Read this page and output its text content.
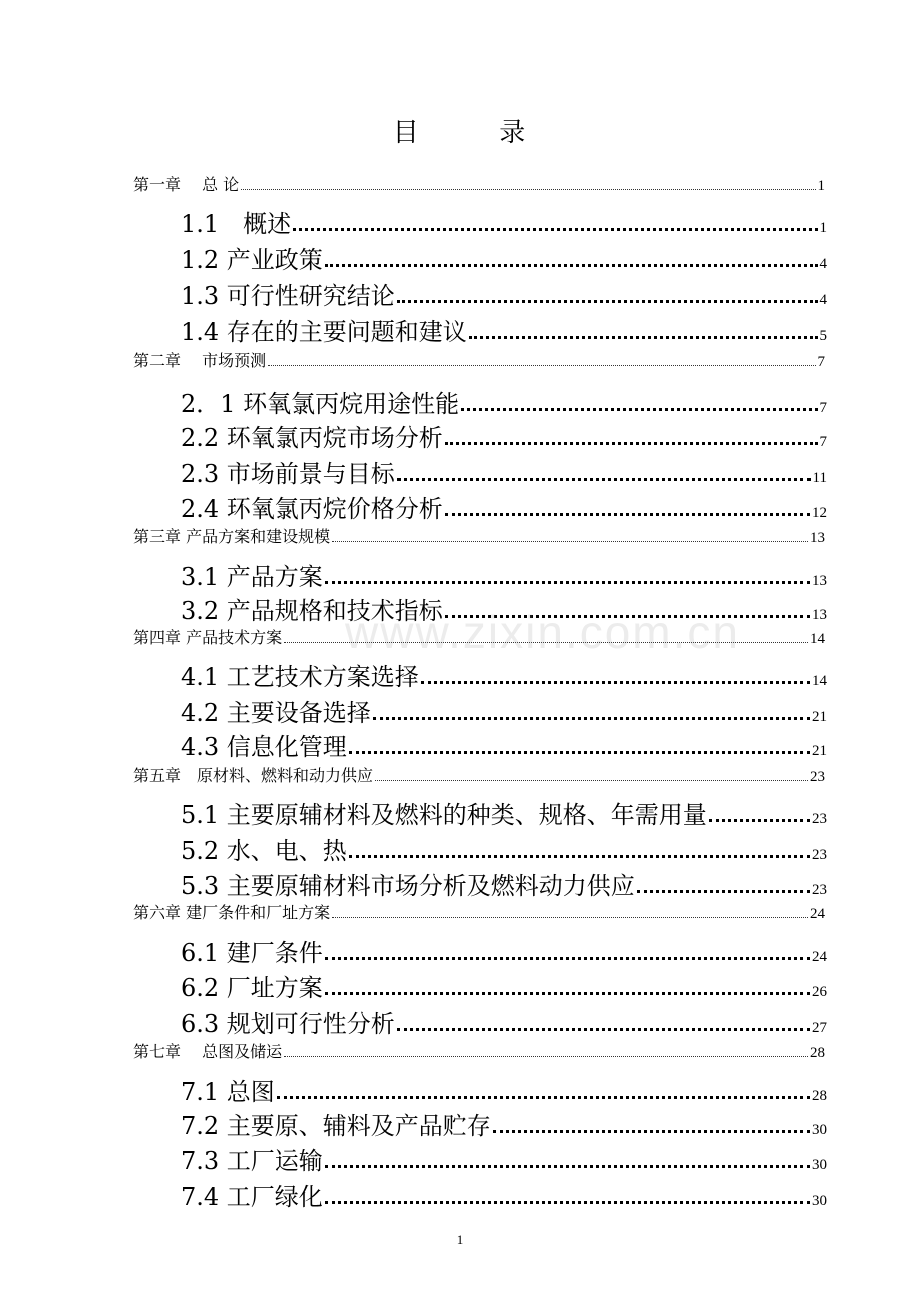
目	录
第一章　 总 论	1
1.1　概述	1
1.2 产业政策	4
1.3 可行性研究结论	4
1.4 存在的主要问题和建议	5
第二章　 市场预测	7
2．1 环氧氯丙烷用途性能	7
2.2 环氧氯丙烷市场分析	7
2.3 市场前景与目标	11
2.4 环氧氯丙烷价格分析	12
第三章 产品方案和建设规模	13
3.1 产品方案	13
3.2 产品规格和技术指标	13
第四章 产品技术方案	14
4.1 工艺技术方案选择	14
4.2 主要设备选择	21
4.3 信息化管理	21
第五章　原材料、燃料和动力供应	23
5.1 主要原辅材料及燃料的种类、规格、年需用量	23
5.2 水、电、热	23
5.3 主要原辅材料市场分析及燃料动力供应	23
第六章 建厂条件和厂址方案	24
6.1 建厂条件	24
6.2 厂址方案	26
6.3 规划可行性分析	27
第七章　 总图及储运	28
7.1 总图	28
7.2 主要原、辅料及产品贮存	30
7.3 工厂运输	30
7.4 工厂绿化	30
www.zixin.com.cn
1
